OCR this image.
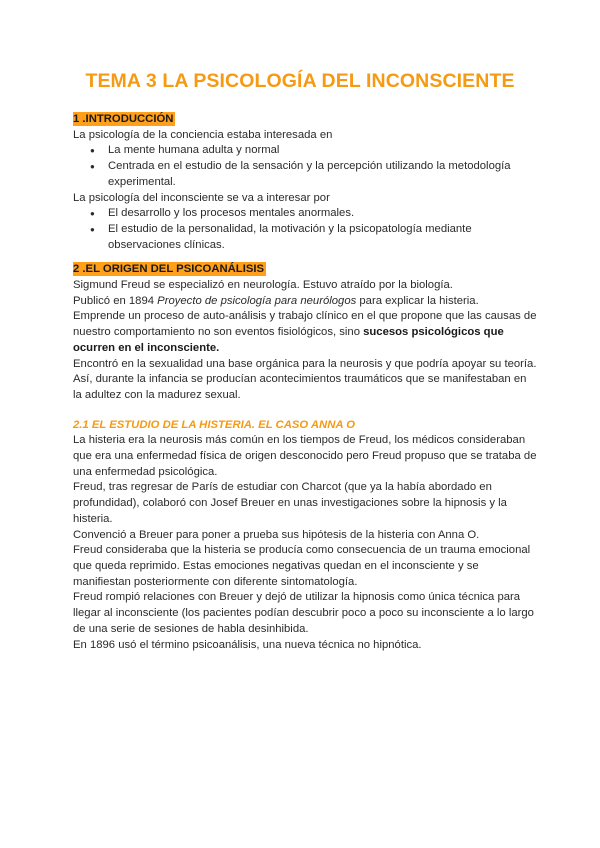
TEMA 3 LA PSICOLOGÍA DEL INCONSCIENTE
1 .INTRODUCCIÓN

La psicología de la conciencia estaba interesada en

● La mente humana adulta y normal
● Centrada en el estudio de la sensación y la percepción utilizando la metodología experimental.

La psicología del inconsciente se va a interesar por

● El desarrollo y los procesos mentales anormales.
● El estudio de la personalidad, la motivación y la psicopatología mediante observaciones clínicas.
2 .EL ORIGEN DEL PSICOANÁLISIS

Sigmund Freud se especializó en neurología. Estuvo atraído por la biología.

Publicó en 1894 Proyecto de psicología para neurólogos para explicar la histeria.

Emprende un proceso de auto-análisis y trabajo clínico en el que propone que las causas de nuestro comportamiento no son eventos fisiológicos, sino sucesos psicológicos que ocurren en el inconsciente.

Encontró en la sexualidad una base orgánica para la neurosis y que podría apoyar su teoría.

Así, durante la infancia se producían acontecimientos traumáticos que se manifestaban en la adultez con la madurez sexual.

2.1 EL ESTUDIO DE LA HISTERIA. EL CASO ANNA O

La histeria era la neurosis más común en los tiempos de Freud, los médicos consideraban que era una enfermedad física de origen desconocido pero Freud propuso que se trataba de una enfermedad psicológica.

Freud, tras regresar de París de estudiar con Charcot (que ya la había abordado en profundidad), colaboró con Josef Breuer en unas investigaciones sobre la hipnosis y la histeria.

Convenció a Breuer para poner a prueba sus hipótesis de la histeria con Anna O.

Freud consideraba que la histeria se producía como consecuencia de un trauma emocional que queda reprimido. Estas emociones negativas quedan en el inconsciente y se manifiestan posteriormente con diferente sintomatología.

Freud rompió relaciones con Breuer y dejó de utilizar la hipnosis como única técnica para llegar al inconsciente (los pacientes podían descubrir poco a poco su inconsciente a lo largo de una serie de sesiones de habla desinhibida.

En 1896 usó el término psicoanálisis, una nueva técnica no hipnótica.
